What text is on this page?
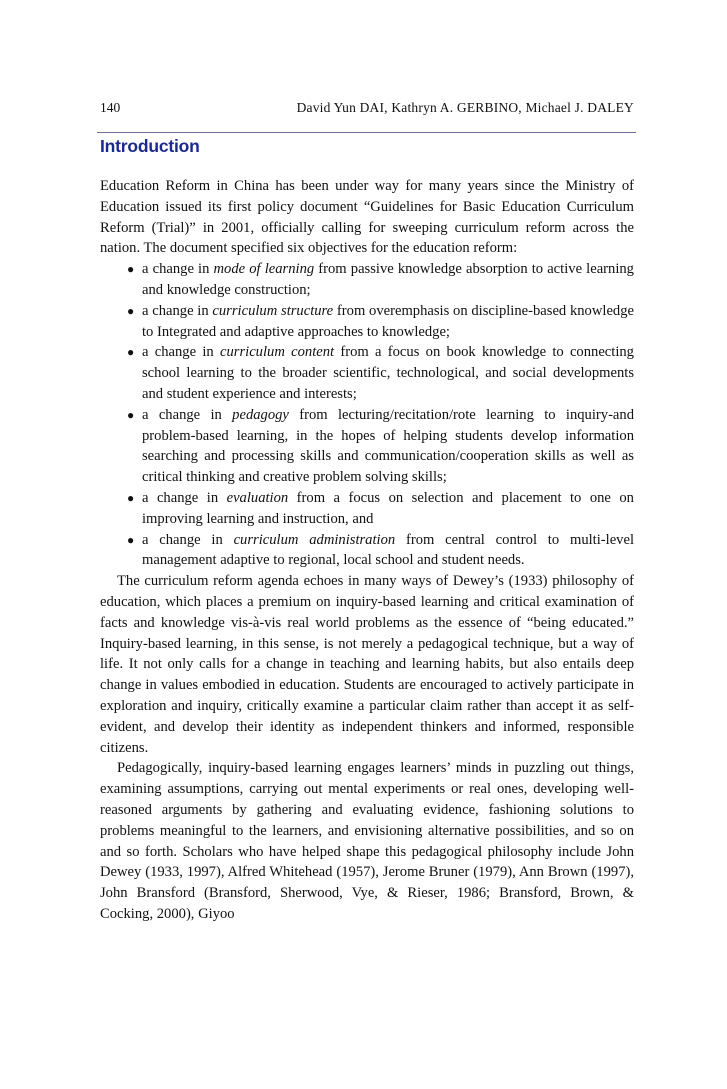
140	David Yun DAI, Kathryn A. GERBINO, Michael J. DALEY
Introduction

Education Reform in China has been under way for many years since the Ministry of Education issued its first policy document “Guidelines for Basic Education Curriculum Reform (Trial)” in 2001, officially calling for sweeping curriculum reform across the nation. The document specified six objectives for the education reform:

● a change in mode of learning from passive knowledge absorption to active learning and knowledge construction;
● a change in curriculum structure from overemphasis on discipline-based knowledge to Integrated and adaptive approaches to knowledge;
● a change in curriculum content from a focus on book knowledge to connecting school learning to the broader scientific, technological, and social developments and student experience and interests;
● a change in pedagogy from lecturing/recitation/rote learning to inquiry-and problem-based learning, in the hopes of helping students develop information searching and processing skills and communication/cooperation skills as well as critical thinking and creative problem solving skills;
● a change in evaluation from a focus on selection and placement to one on improving learning and instruction, and
● a change in curriculum administration from central control to multi-level management adaptive to regional, local school and student needs.

The curriculum reform agenda echoes in many ways of Dewey’s (1933) philosophy of education, which places a premium on inquiry-based learning and critical examination of facts and knowledge vis-à-vis real world problems as the essence of “being educated.” Inquiry-based learning, in this sense, is not merely a pedagogical technique, but a way of life. It not only calls for a change in teaching and learning habits, but also entails deep change in values embodied in education. Students are encouraged to actively participate in exploration and inquiry, critically examine a particular claim rather than accept it as self-evident, and develop their identity as independent thinkers and informed, responsible citizens.

Pedagogically, inquiry-based learning engages learners’ minds in puzzling out things, examining assumptions, carrying out mental experiments or real ones, developing well-reasoned arguments by gathering and evaluating evidence, fashioning solutions to problems meaningful to the learners, and envisioning alternative possibilities, and so on and so forth. Scholars who have helped shape this pedagogical philosophy include John Dewey (1933, 1997), Alfred Whitehead (1957), Jerome Bruner (1979), Ann Brown (1997), John Bransford (Bransford, Sherwood, Vye, & Rieser, 1986; Bransford, Brown, & Cocking, 2000), Giyoo
